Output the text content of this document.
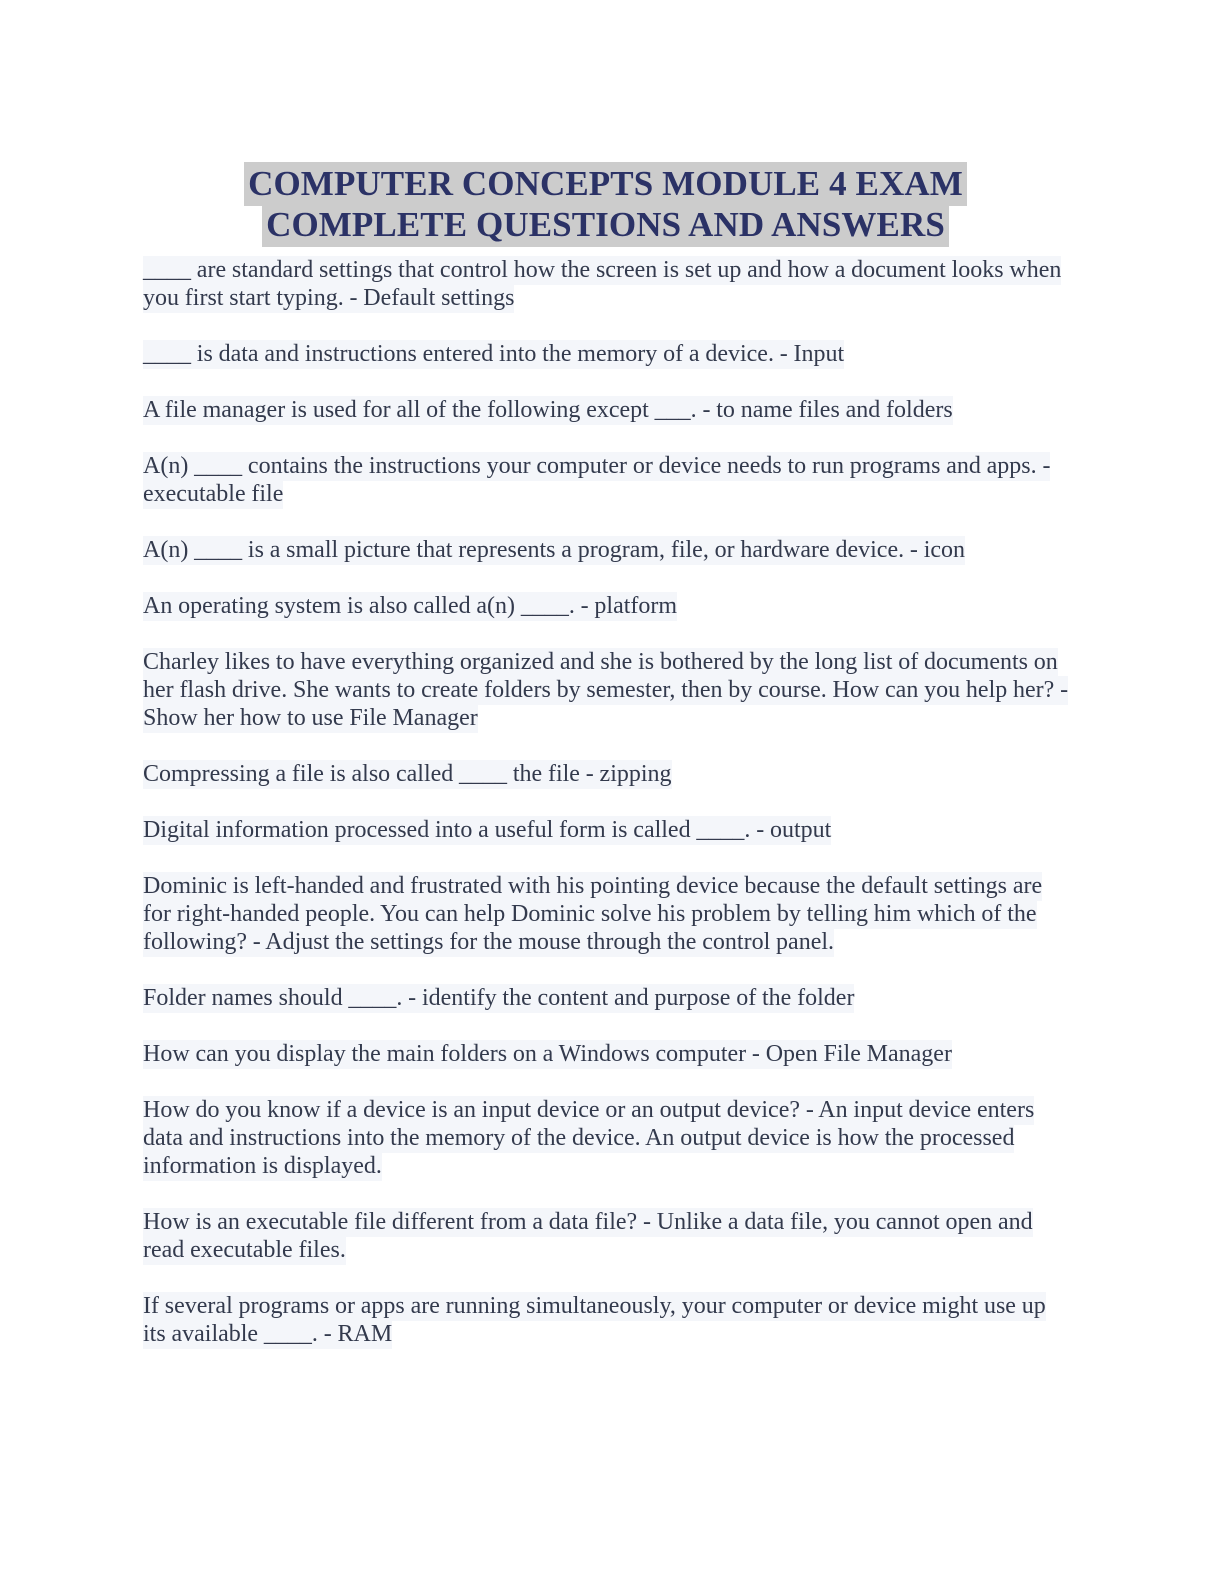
COMPUTER CONCEPTS MODULE 4 EXAM
COMPLETE QUESTIONS AND ANSWERS

____ are standard settings that control how the screen is set up and how a document looks when you first start typing. - Default settings

____ is data and instructions entered into the memory of a device. - Input

A file manager is used for all of the following except ___. - to name files and folders

A(n) ____ contains the instructions your computer or device needs to run programs and apps. - executable file

A(n) ____ is a small picture that represents a program, file, or hardware device. - icon

An operating system is also called a(n) ____. - platform

Charley likes to have everything organized and she is bothered by the long list of documents on her flash drive. She wants to create folders by semester, then by course. How can you help her? - Show her how to use File Manager

Compressing a file is also called ____ the file - zipping

Digital information processed into a useful form is called ____. - output

Dominic is left-handed and frustrated with his pointing device because the default settings are for right-handed people. You can help Dominic solve his problem by telling him which of the following? - Adjust the settings for the mouse through the control panel.

Folder names should ____. - identify the content and purpose of the folder

How can you display the main folders on a Windows computer - Open File Manager

How do you know if a device is an input device or an output device? - An input device enters data and instructions into the memory of the device. An output device is how the processed information is displayed.

How is an executable file different from a data file? - Unlike a data file, you cannot open and read executable files.

If several programs or apps are running simultaneously, your computer or device might use up its available ____. - RAM
